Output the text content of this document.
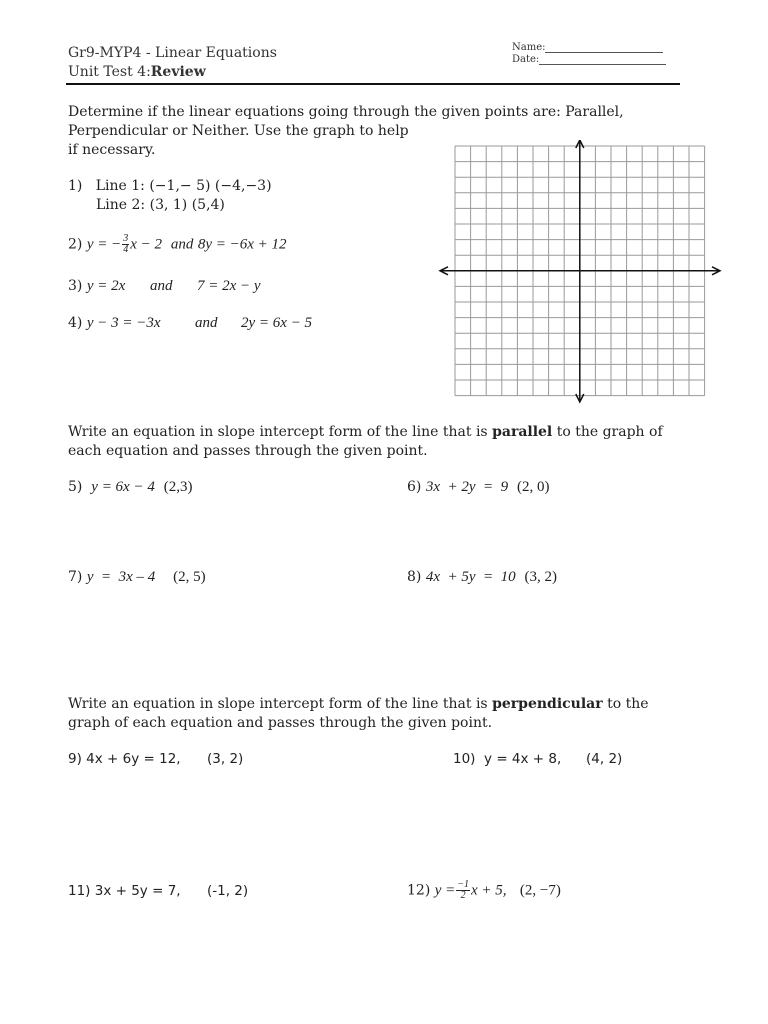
Gr9-MYP4 - Linear Equations
Unit Test 4:Review
Name:
Date:
Determine if the linear equations going through the given points are: Parallel,
Perpendicular or Neither. Use the graph to help
if necessary.
1) Line 1: (−1,− 5) (−4,−3)
Line 2: (3, 1) (5,4)
2) y = − $\frac{3}{4}$ x − 2 and 8y = −6x + 12
3) y = 2x and 7 = 2x − y
4) y − 3 = −3x and 2y = 6x − 5
Write an equation in slope intercept form of the line that is parallel to the graph of
each equation and passes through the given point.
5) y = 6x − 4 (2,3)	6) 3x  + 2y  =  9 (2, 0)
7) y  =  3x – 4 (2, 5)	8) 4x  + 5y  =  10 (3, 2)
Write an equation in slope intercept form of the line that is perpendicular to the
graph of each equation and passes through the given point.
9) 4x + 6y = 12, (3, 2)	10) y = 4x + 8, (4, 2)
11) 3x + 5y = 7, (-1, 2)	12) $y = \frac{-1}{2}$ x + 5, (2, −7)
